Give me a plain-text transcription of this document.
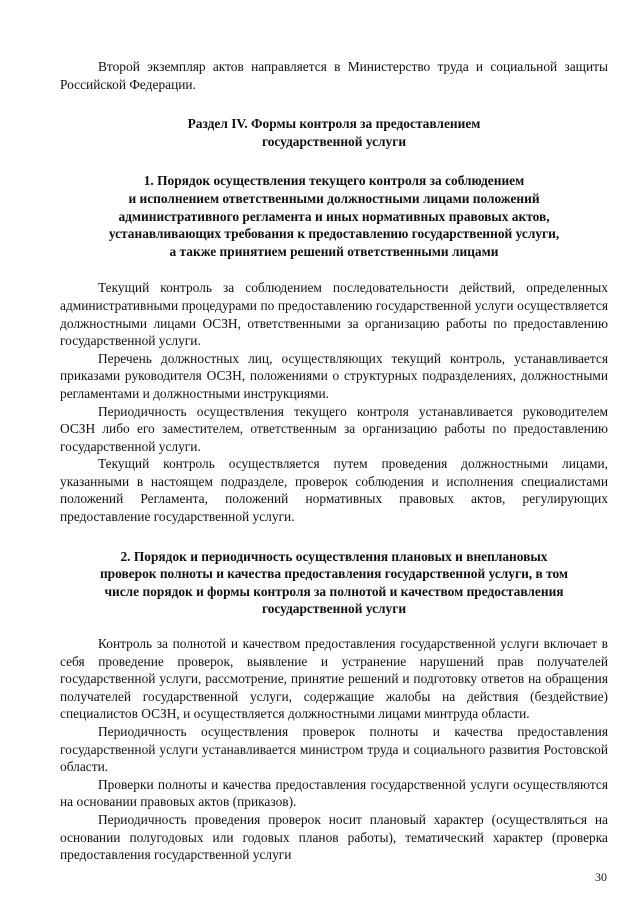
Второй экземпляр актов направляется в Министерство труда и социальной защиты Российской Федерации.

Раздел IV. Формы контроля за предоставлением
государственной услуги
1. Порядок осуществления текущего контроля за соблюдением
и исполнением ответственными должностными лицами положений
административного регламента и иных нормативных правовых актов,
устанавливающих требования к предоставлению государственной услуги,
а также принятием решений ответственными лицами

Текущий контроль за соблюдением последовательности действий, определенных административными процедурами по предоставлению государственной услуги осуществляется должностными лицами ОСЗН, ответственными за организацию работы по предоставлению государственной услуги.

Перечень должностных лиц, осуществляющих текущий контроль, устанавливается приказами руководителя ОСЗН, положениями о структурных подразделениях, должностными регламентами и должностными инструкциями.

Периодичность осуществления текущего контроля устанавливается руководителем ОСЗН либо его заместителем, ответственным за организацию работы по предоставлению государственной услуги.

Текущий контроль осуществляется путем проведения должностными лицами, указанными в настоящем подразделе, проверок соблюдения и исполнения специалистами положений Регламента, положений нормативных правовых актов, регулирующих предоставление государственной услуги.

2. Порядок и периодичность осуществления плановых и внеплановых
проверок полноты и качества предоставления государственной услуги, в том
числе порядок и формы контроля за полнотой и качеством предоставления
государственной услуги

Контроль за полнотой и качеством предоставления государственной услуги включает в себя проведение проверок, выявление и устранение нарушений прав получателей государственной услуги, рассмотрение, принятие решений и подготовку ответов на обращения получателей государственной услуги, содержащие жалобы на действия (бездействие) специалистов ОСЗН, и осуществляется должностными лицами минтруда области.

Периодичность осуществления проверок полноты и качества предоставления государственной услуги устанавливается министром труда и социального развития Ростовской области.

Проверки полноты и качества предоставления государственной услуги осуществляются на основании правовых актов (приказов).

Периодичность проведения проверок носит плановый характер (осуществляться на основании полугодовых или годовых планов работы), тематический характер (проверка предоставления государственной услуги

30
